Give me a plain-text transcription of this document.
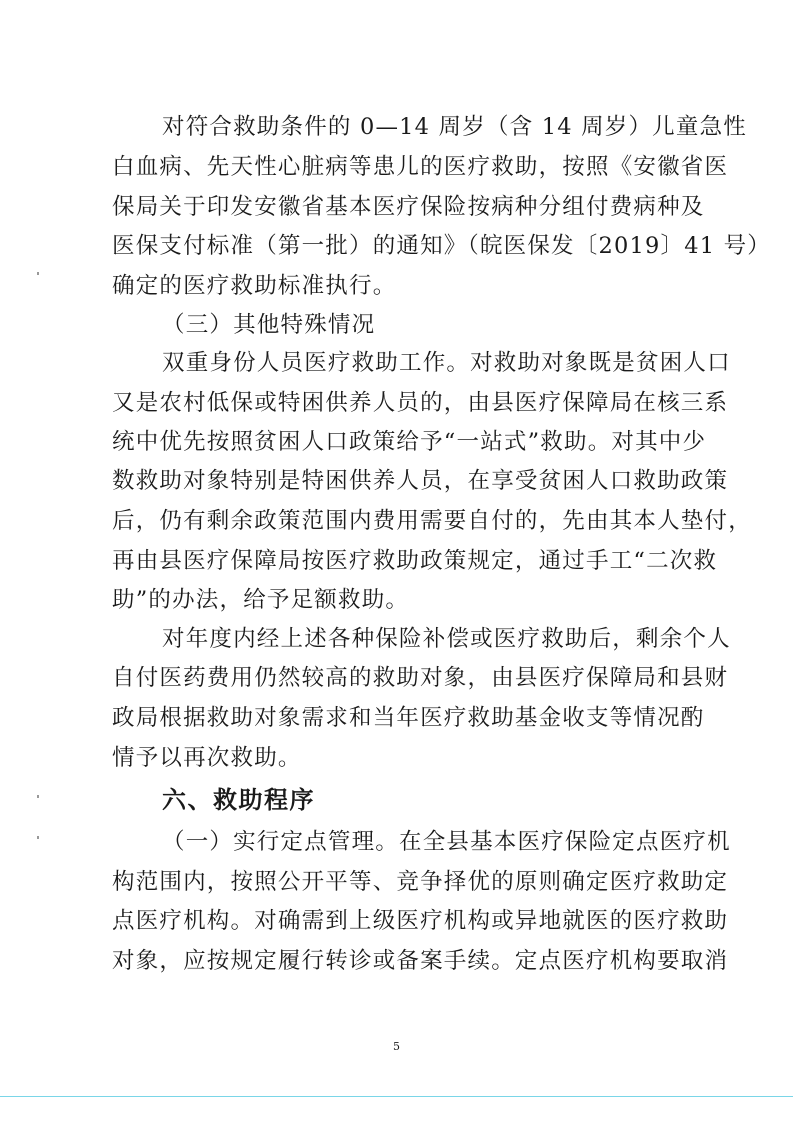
对符合救助条件的 0—14 周岁（含 14 周岁）儿童急性
白血病、先天性心脏病等患儿的医疗救助，按照《安徽省医
保局关于印发安徽省基本医疗保险按病种分组付费病种及
医保支付标准（第一批）的通知》（皖医保发〔2019〕41 号）
确定的医疗救助标准执行。
（三）其他特殊情况
双重身份人员医疗救助工作。对救助对象既是贫困人口
又是农村低保或特困供养人员的，由县医疗保障局在核三系
统中优先按照贫困人口政策给予“一站式”救助。对其中少
数救助对象特别是特困供养人员，在享受贫困人口救助政策
后，仍有剩余政策范围内费用需要自付的，先由其本人垫付，
再由县医疗保障局按医疗救助政策规定，通过手工“二次救
助”的办法，给予足额救助。
对年度内经上述各种保险补偿或医疗救助后，剩余个人
自付医药费用仍然较高的救助对象，由县医疗保障局和县财
政局根据救助对象需求和当年医疗救助基金收支等情况酌
情予以再次救助。
六、救助程序
（一）实行定点管理。在全县基本医疗保险定点医疗机
构范围内，按照公开平等、竞争择优的原则确定医疗救助定
点医疗机构。对确需到上级医疗机构或异地就医的医疗救助
对象，应按规定履行转诊或备案手续。定点医疗机构要取消
5
